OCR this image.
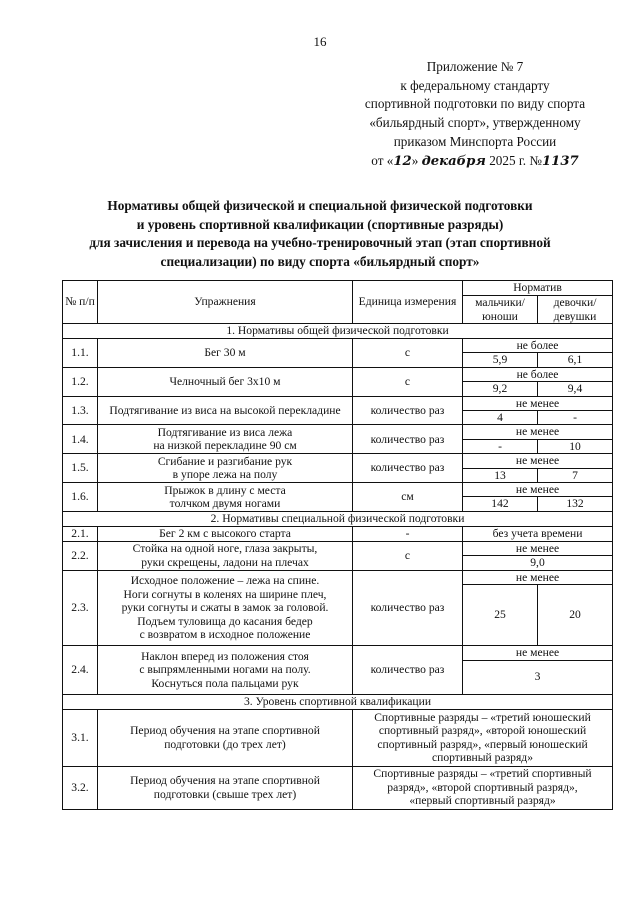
16
Приложение № 7
к федеральному стандарту
спортивной подготовки по виду спорта
«бильярдный спорт», утвержденному
приказом Минспорта России
от «12» декабря 2025 г. №1137
Нормативы общей физической и специальной физической подготовки
и уровень спортивной квалификации (спортивные разряды)
для зачисления и перевода на учебно-тренировочный этап (этап спортивной
специализации) по виду спорта «бильярдный спорт»
№ п/п	Упражнения	Единица измерения	Норматив	
			мальчики/ юноши	девочки/ девушки
1. Нормативы общей физической подготовки				
1.1.	Бег 30 м	с	не более	
			5,9	6,1
1.2.	Челночный бег 3x10 м	с	не более	
			9,2	9,4
1.3.	Подтягивание из виса на высокой перекладине	количество раз	не менее	
			4	-
1.4.	Подтягивание из виса лежа
на низкой перекладине 90 см	количество раз	не менее	
			-	10
1.5.	Сгибание и разгибание рук
в упоре лежа на полу	количество раз	не менее	
			13	7
1.6.	Прыжок в длину с места
толчком двумя ногами	см	не менее	
			142	132
2. Нормативы специальной физической подготовки				
2.1.	Бег 2 км с высокого старта	-	без учета времени	
2.2.	Стойка на одной ноге, глаза закрыты,
руки скрещены, ладони на плечах	с	не менее	
			9,0	
2.3.	Исходное положение – лежа на спине.
Ноги согнуты в коленях на ширине плеч,
руки согнуты и сжаты в замок за головой.
Подъем туловища до касания бедер
с возвратом в исходное положение	количество раз	не менее	
			25	20
2.4.	Наклон вперед из положения стоя
с выпрямленными ногами на полу.
Коснуться пола пальцами рук	количество раз	не менее	
			3	
3. Уровень спортивной квалификации				
3.1.	Период обучения на этапе спортивной
подготовки (до трех лет)	Спортивные разряды – «третий юношеский
спортивный разряд», «второй юношеский
спортивный разряд», «первый юношеский
спортивный разряд»		
3.2.	Период обучения на этапе спортивной
подготовки (свыше трех лет)	Спортивные разряды – «третий спортивный
разряд», «второй спортивный разряд»,
«первый спортивный разряд»		
